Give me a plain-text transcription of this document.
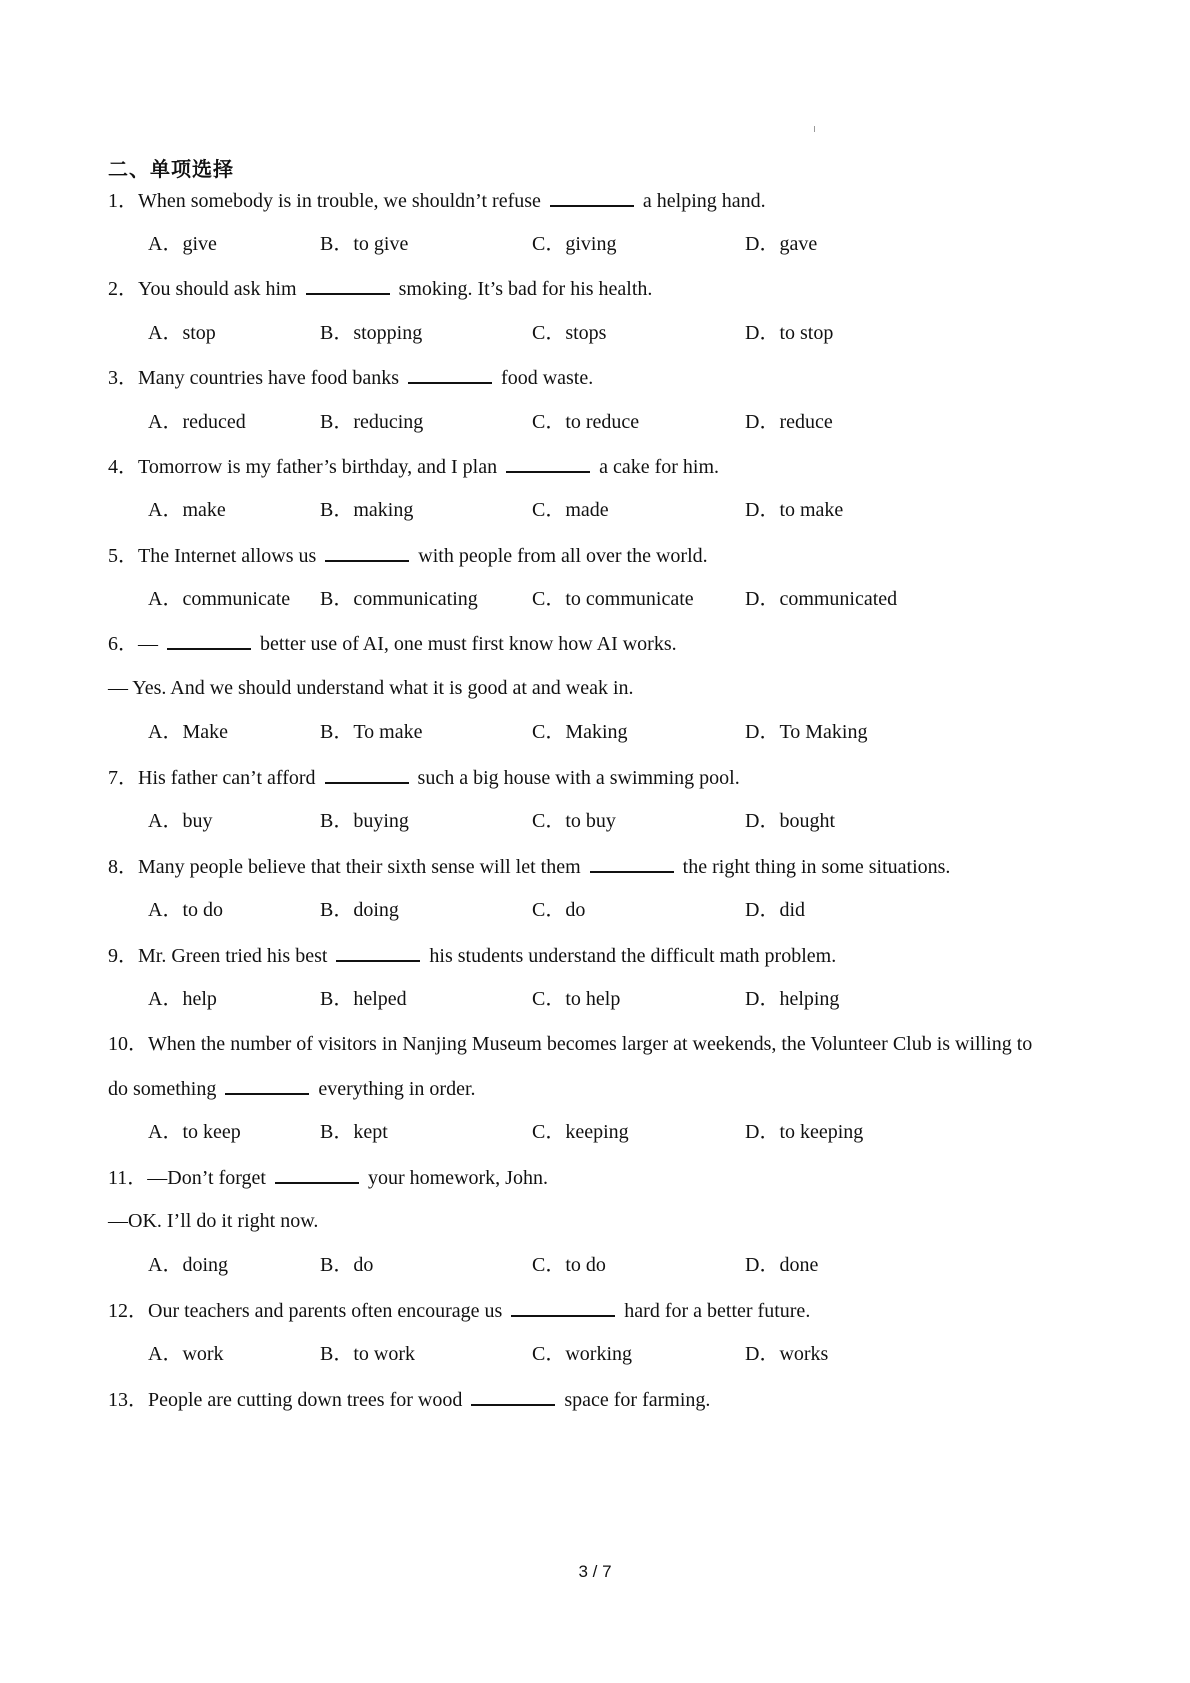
二、单项选择
1．When somebody is in trouble, we shouldn’t refuse	a helping hand.
A．give	B．to give	C．giving	D．gave
2．You should ask him	smoking. It’s bad for his health.
A．stop	B．stopping	C．stops	D．to stop
3．Many countries have food banks	food waste.
A．reduced	B．reducing	C．to reduce	D．reduce
4．Tomorrow is my father’s birthday, and I plan	a cake for him.
A．make	B．making	C．made	D．to make
5．The Internet allows us	with people from all over the world.
A．communicate B．communicating	C．to communicate	D．communicated
6．—	better use of AI, one must first know how AI works.
— Yes. And we should understand what it is good at and weak in.
A．Make	B．To make	C．Making	D．To Making
7．His father can’t afford	such a big house with a swimming pool.
A．buy	B．buying	C．to buy	D．bought
8．Many people believe that their sixth sense will let them	the right thing in some situations.
A．to do	B．doing	C．do	D．did
9．Mr. Green tried his best	his students understand the difficult math problem.
A．help	B．helped	C．to help	D．helping
10．When the number of visitors in Nanjing Museum becomes larger at weekends, the Volunteer Club is willing to
do something	everything in order.
A．to keep	B．kept	C．keeping	D．to keeping
11．—Don’t forget	your homework, John.
—OK. I’ll do it right now.
A．doing	B．do	C．to do	D．done
12．Our teachers and parents often encourage us	hard for a better future.
A．work	B．to work	C．working	D．works
13．People are cutting down trees for wood	space for farming.
3 / 7
